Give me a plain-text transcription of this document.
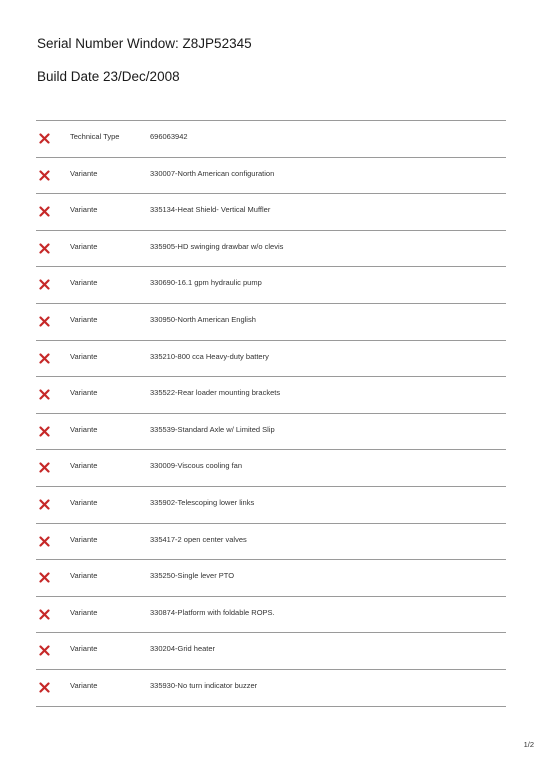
Serial Number Window: Z8JP52345
Build Date 23/Dec/2008
Technical Type	696063942
Variante	330007-North American configuration
Variante	335134-Heat Shield- Vertical Muffler
Variante	335905-HD swinging drawbar w/o clevis
Variante	330690-16.1 gpm hydraulic pump
Variante	330950-North American English
Variante	335210-800 cca Heavy-duty battery
Variante	335522-Rear loader mounting brackets
Variante	335539-Standard Axle w/ Limited Slip
Variante	330009-Viscous cooling fan
Variante	335902-Telescoping lower links
Variante	335417-2 open center valves
Variante	335250-Single lever PTO
Variante	330874-Platform with foldable ROPS.
Variante	330204-Grid heater
Variante	335930-No turn indicator buzzer
1/2
